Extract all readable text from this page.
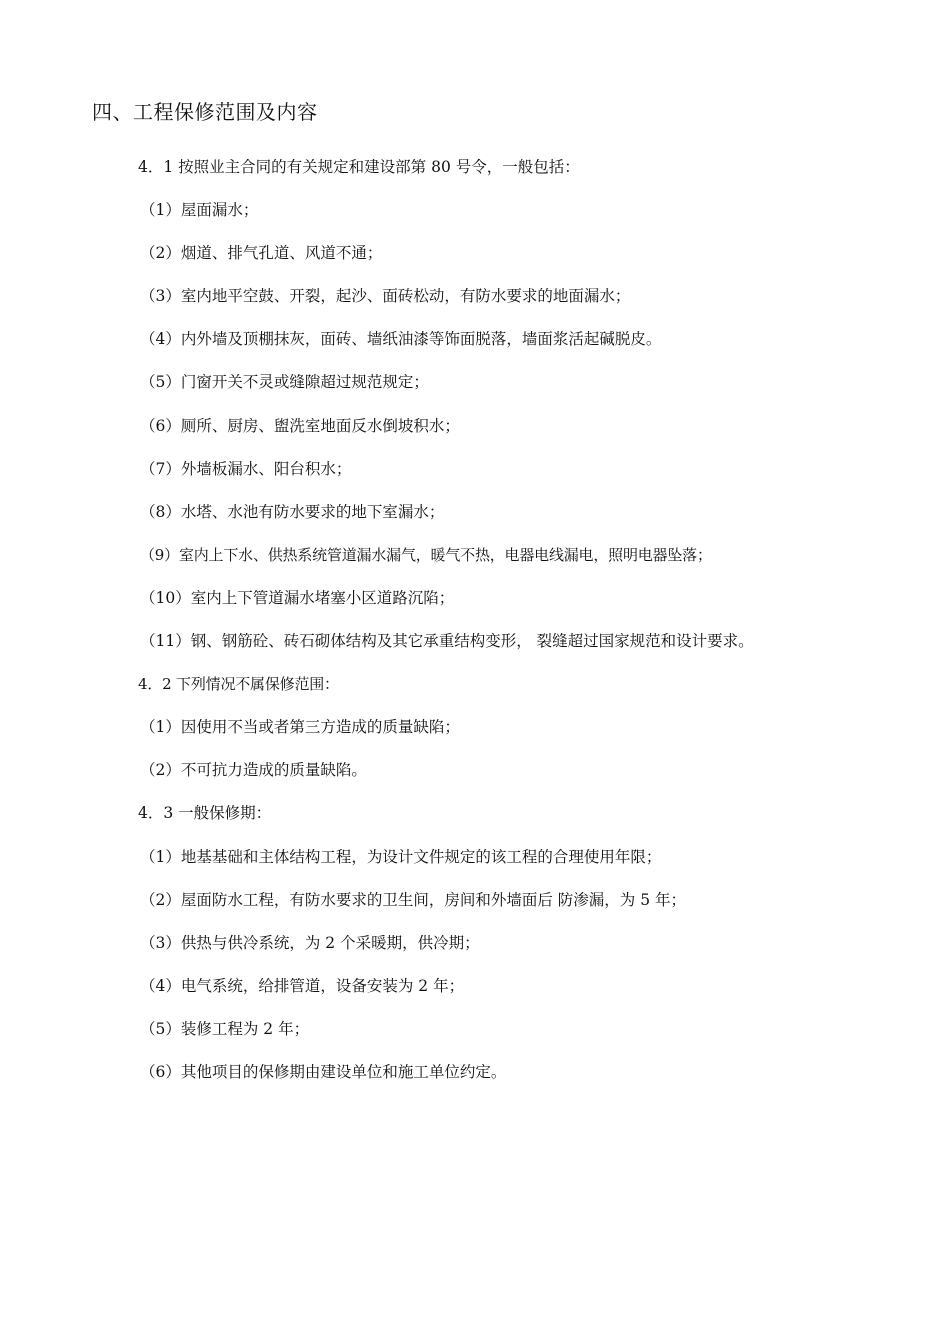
四、工程保修范围及内容
4．1 按照业主合同的有关规定和建设部第 80 号令，一般包括：
（1）屋面漏水；
（2）烟道、排气孔道、风道不通；
（3）室内地平空鼓、开裂，起沙、面砖松动，有防水要求的地面漏水；
（4）内外墙及顶棚抹灰，面砖、墙纸油漆等饰面脱落，墙面浆活起碱脱皮。
（5）门窗开关不灵或缝隙超过规范规定；
（6）厕所、厨房、盥洗室地面反水倒坡积水；
（7）外墙板漏水、阳台积水；
（8）水塔、水池有防水要求的地下室漏水；
（9）室内上下水、供热系统管道漏水漏气，暖气不热，电器电线漏电，照明电器坠落；
（10）室内上下管道漏水堵塞小区道路沉陷；
（11）钢、钢筋砼、砖石砌体结构及其它承重结构变形， 裂缝超过国家规范和设计要求。
4．2 下列情况不属保修范围：
（1）因使用不当或者第三方造成的质量缺陷；
（2）不可抗力造成的质量缺陷。
4．3 一般保修期：
（1）地基基础和主体结构工程，为设计文件规定的该工程的合理使用年限；
（2）屋面防水工程，有防水要求的卫生间，房间和外墙面后 防渗漏，为 5 年；
（3）供热与供冷系统，为 2 个采暖期，供冷期；
（4）电气系统，给排管道，设备安装为 2 年；
（5）装修工程为 2 年；
（6）其他项目的保修期由建设单位和施工单位约定。
